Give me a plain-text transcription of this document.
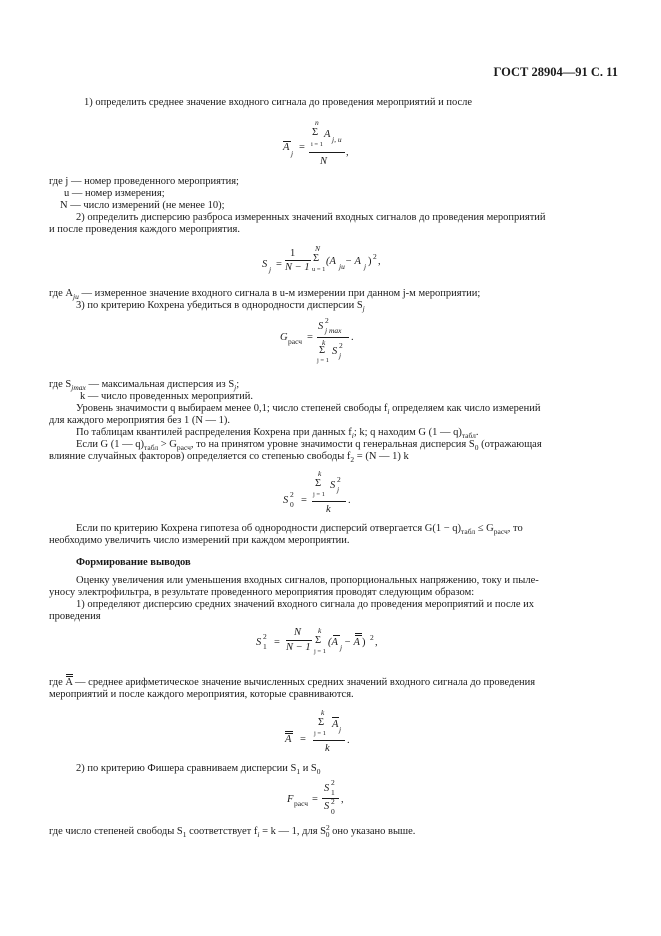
ГОСТ 28904—91 С. 11
1) определить среднее значение входного сигнала до проведения мероприятий и после
A
j
=
n
Σ A j, u
i = 1
N
,
где j — номер проведенного мероприятия;
u — номер измерения;
N — число измерений (не менее 10);
2) определить дисперсию разброса измеренных значений входных сигналов до проведения мероприятий
и после проведения каждого мероприятия.
S j =
1
N − 1
N
Σ
u = 1
(A ju − A j ) 2 ,
где $A_{ju}$ — измеренное значение входного сигнала в u-м измерении при данном j-м мероприятии;
3) по критерию Кохрена убедиться в однородности дисперсии $S_j$
G расч =
S
2
j max
k
Σ
j = 1
S
2
j
.
где $S_{jmax}$ — максимальная дисперсия из $S_j$;
k — число проведенных мероприятий.
Уровень значимости q выбираем менее 0,1; число степеней свободы $f_i$ определяем как число измерений
для каждого мероприятия без 1 (N — 1).
По таблицам квантилей распределения Кохрена при данных $f_i$; k; q находим G (1 — $q)_{табл}$.
Если G (1 — $q)_{табл} > G_{расч}$, то на принятом уровне значимости q генеральная дисперсия $S_0$ (отражающая
влияние случайных факторов) определяется со степенью свободы $f_2 = (N$ — 1) k
S
2
0 =
k
Σ S
2
j
j = 1
k
.
Если по критерию Кохрена гипотеза об однородности дисперсий отвергается $G(1 - q)_{табл} \le G_{расч}$, то
необходимо увеличить число измерений при каждом мероприятии.
Формирование выводов
Оценку увеличения или уменьшения входных сигналов, пропорциональных напряжению, току и пыле-
уносу электрофильтра, в результате проведенного мероприятия проводят следующим образом:
1) определяют дисперсию средних значений входного сигнала до проведения мероприятий и после их
проведения
S
2
1 =
N
N − 1
k
Σ
j = 1
(A j − A ) 2 ,
где A — среднее арифметическое значение вычисленных средних значений входного сигнала до проведения
мероприятий и после каждого мероприятия, которые сравниваются.
A =
k
Σ A j
j = 1
k
.
2) по критерию Фишера сравниваем дисперсии $S_1$ и $S_0$
F расч =
S
2
1
S 2
0
,
где число степеней свободы $S_1$ соответствует $f_i = k$ — 1, для $S^2_0$ оно указано выше.
